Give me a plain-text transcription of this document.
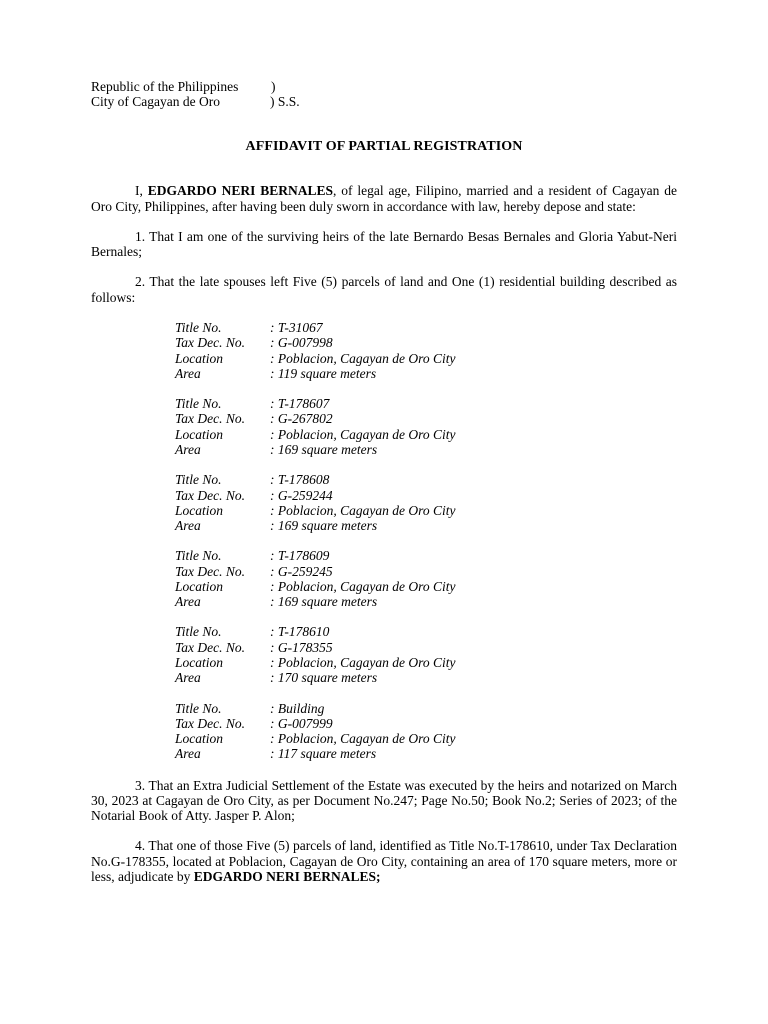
Republic of the Philippines )
City of Cagayan de Oro	) S.S.
AFFIDAVIT OF PARTIAL REGISTRATION

I, EDGARDO NERI BERNALES, of legal age, Filipino, married and a resident of Cagayan de Oro City, Philippines, after having been duly sworn in accordance with law, hereby depose and state:

1. That I am one of the surviving heirs of the late Bernardo Besas Bernales and Gloria Yabut-Neri Bernales;

2. That the late spouses left Five (5) parcels of land and One (1) residential building described as follows:

Title No.	: T-31067
Tax Dec. No.	: G-007998
Location	: Poblacion, Cagayan de Oro City
Area	: 119 square meters
Title No.	: T-178607
Tax Dec. No.	: G-267802
Location	: Poblacion, Cagayan de Oro City
Area	: 169 square meters
Title No.	: T-178608
Tax Dec. No.	: G-259244
Location	: Poblacion, Cagayan de Oro City
Area	: 169 square meters
Title No.	: T-178609
Tax Dec. No.	: G-259245
Location	: Poblacion, Cagayan de Oro City
Area	: 169 square meters
Title No.	: T-178610
Tax Dec. No.	: G-178355
Location	: Poblacion, Cagayan de Oro City
Area	: 170 square meters
Title No.	: Building
Tax Dec. No.	: G-007999
Location	: Poblacion, Cagayan de Oro City
Area	: 117 square meters

3. That an Extra Judicial Settlement of the Estate was executed by the heirs and notarized on March 30, 2023 at Cagayan de Oro City, as per Document No.247; Page No.50; Book No.2; Series of 2023; of the Notarial Book of Atty. Jasper P. Alon;

4. That one of those Five (5) parcels of land, identified as Title No.T-178610, under Tax Declaration No.G-178355, located at Poblacion, Cagayan de Oro City, containing an area of 170 square meters, more or less, adjudicate by EDGARDO NERI BERNALES;
